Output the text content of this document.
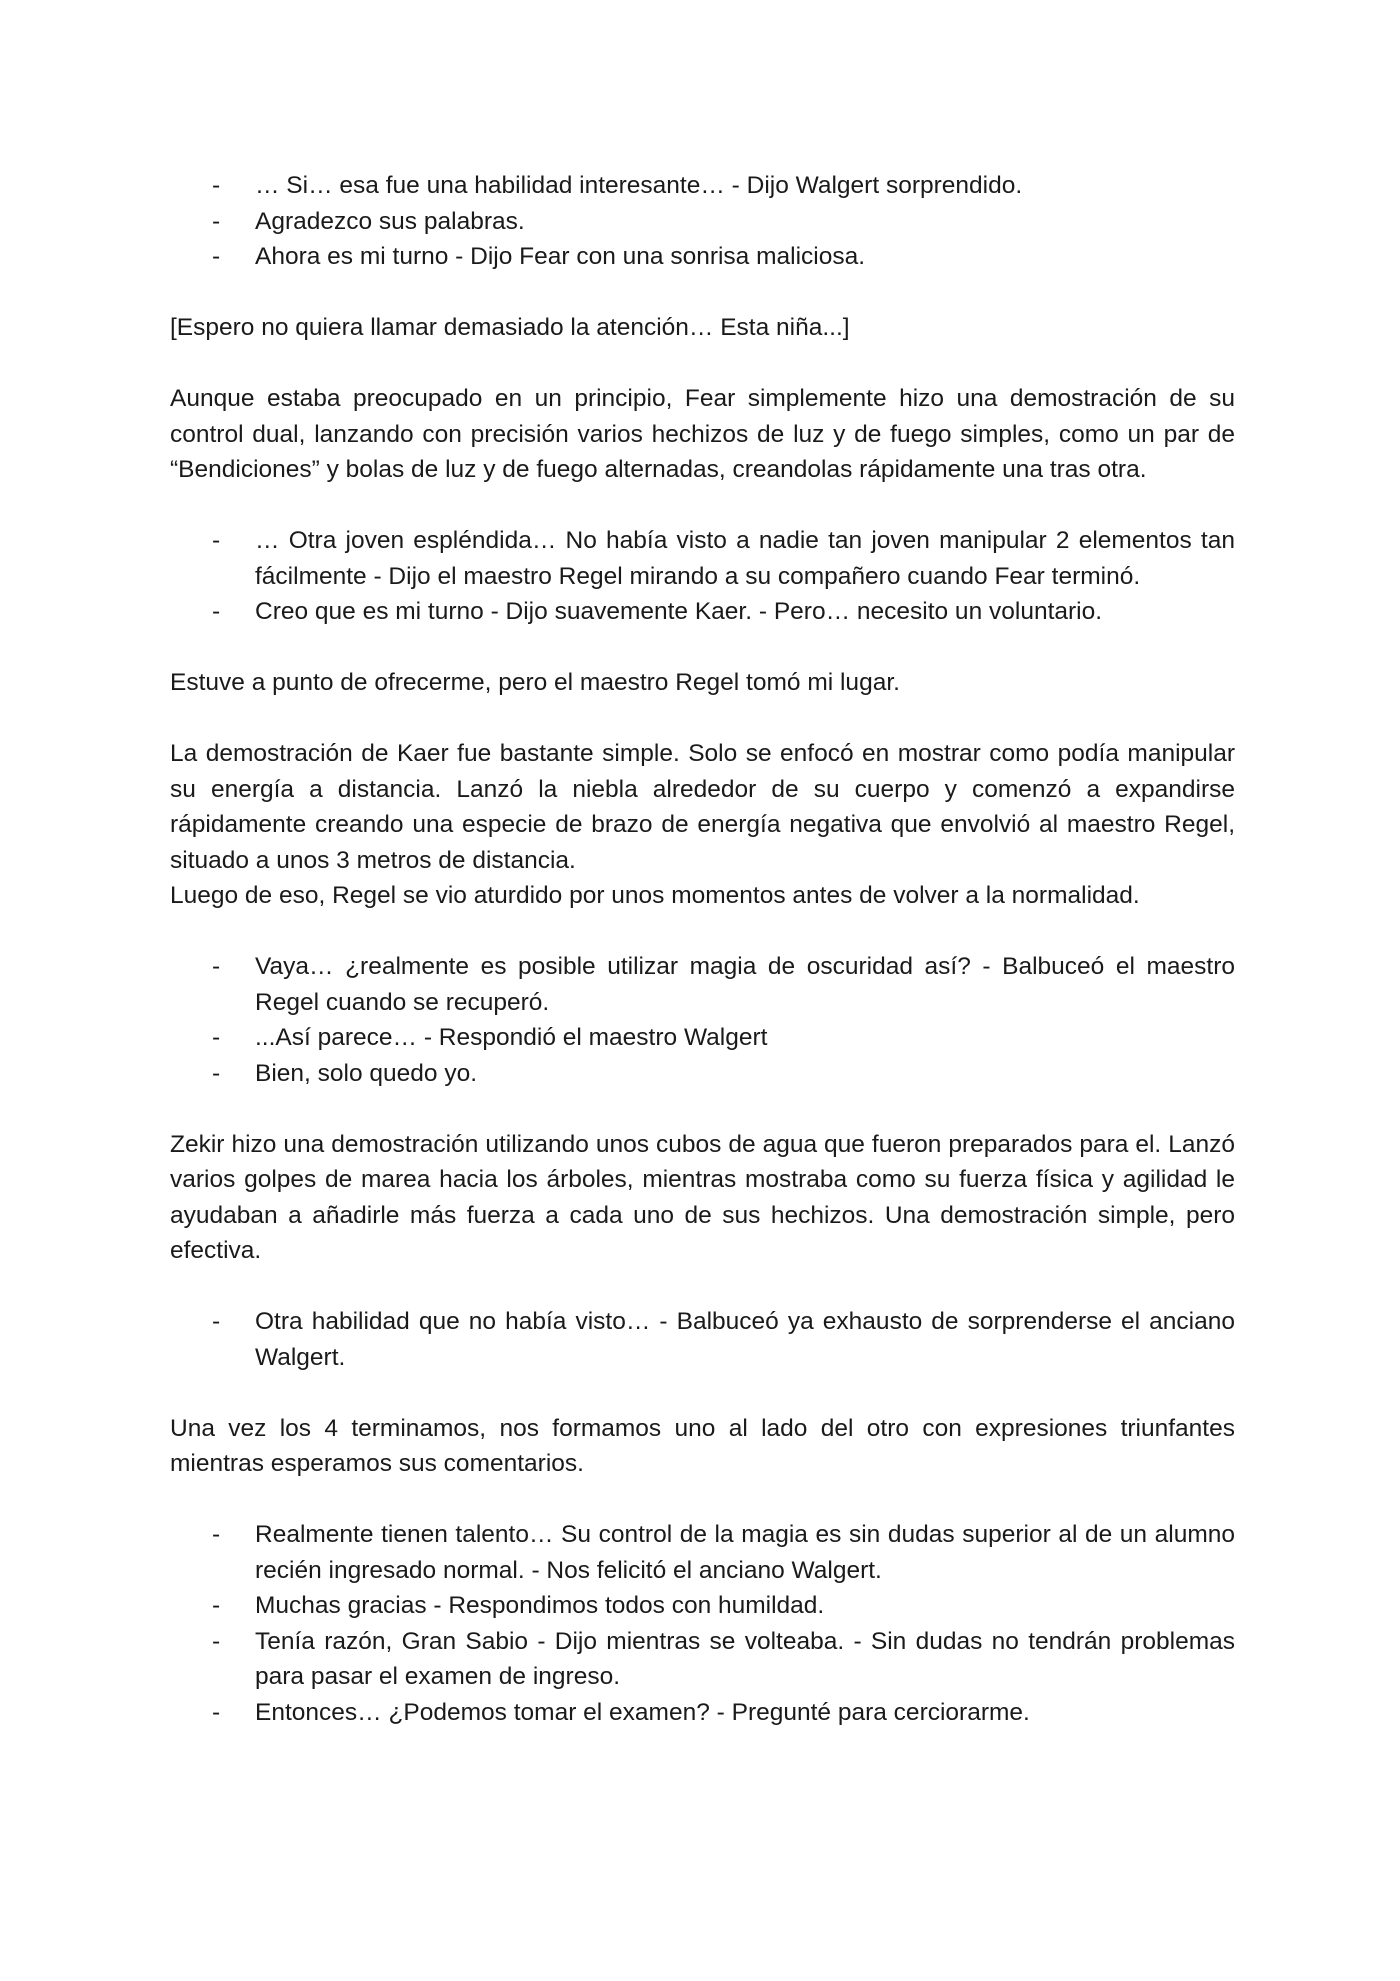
- … Si… esa fue una habilidad interesante… - Dijo Walgert sorprendido.
- Agradezco sus palabras.
- Ahora es mi turno - Dijo Fear con una sonrisa maliciosa.

[Espero no quiera llamar demasiado la atención… Esta niña...]

Aunque estaba preocupado en un principio, Fear simplemente hizo una demostración de su control dual, lanzando con precisión varios hechizos de luz y de fuego simples, como un par de “Bendiciones” y bolas de luz y de fuego alternadas, creandolas rápidamente una tras otra.

- … Otra joven espléndida… No había visto a nadie tan joven manipular 2 elementos tan fácilmente - Dijo el maestro Regel mirando a su compañero cuando Fear terminó.
- Creo que es mi turno - Dijo suavemente Kaer. - Pero… necesito un voluntario.

Estuve a punto de ofrecerme, pero el maestro Regel tomó mi lugar.

La demostración de Kaer fue bastante simple. Solo se enfocó en mostrar como podía manipular su energía a distancia. Lanzó la niebla alrededor de su cuerpo y comenzó a expandirse rápidamente creando una especie de brazo de energía negativa que envolvió al maestro Regel, situado a unos 3 metros de distancia.

Luego de eso, Regel se vio aturdido por unos momentos antes de volver a la normalidad.

- Vaya… ¿realmente es posible utilizar magia de oscuridad así? - Balbuceó el maestro Regel cuando se recuperó.
- ...Así parece… - Respondió el maestro Walgert
- Bien, solo quedo yo.

Zekir hizo una demostración utilizando unos cubos de agua que fueron preparados para el. Lanzó varios golpes de marea hacia los árboles, mientras mostraba como su fuerza física y agilidad le ayudaban a añadirle más fuerza a cada uno de sus hechizos. Una demostración simple, pero efectiva.

- Otra habilidad que no había visto… - Balbuceó ya exhausto de sorprenderse el anciano Walgert.

Una vez los 4 terminamos, nos formamos uno al lado del otro con expresiones triunfantes mientras esperamos sus comentarios.

- Realmente tienen talento… Su control de la magia es sin dudas superior al de un alumno recién ingresado normal. - Nos felicitó el anciano Walgert.
- Muchas gracias - Respondimos todos con humildad.
- Tenía razón, Gran Sabio - Dijo mientras se volteaba. - Sin dudas no tendrán problemas para pasar el examen de ingreso.
- Entonces… ¿Podemos tomar el examen? - Pregunté para cerciorarme.
